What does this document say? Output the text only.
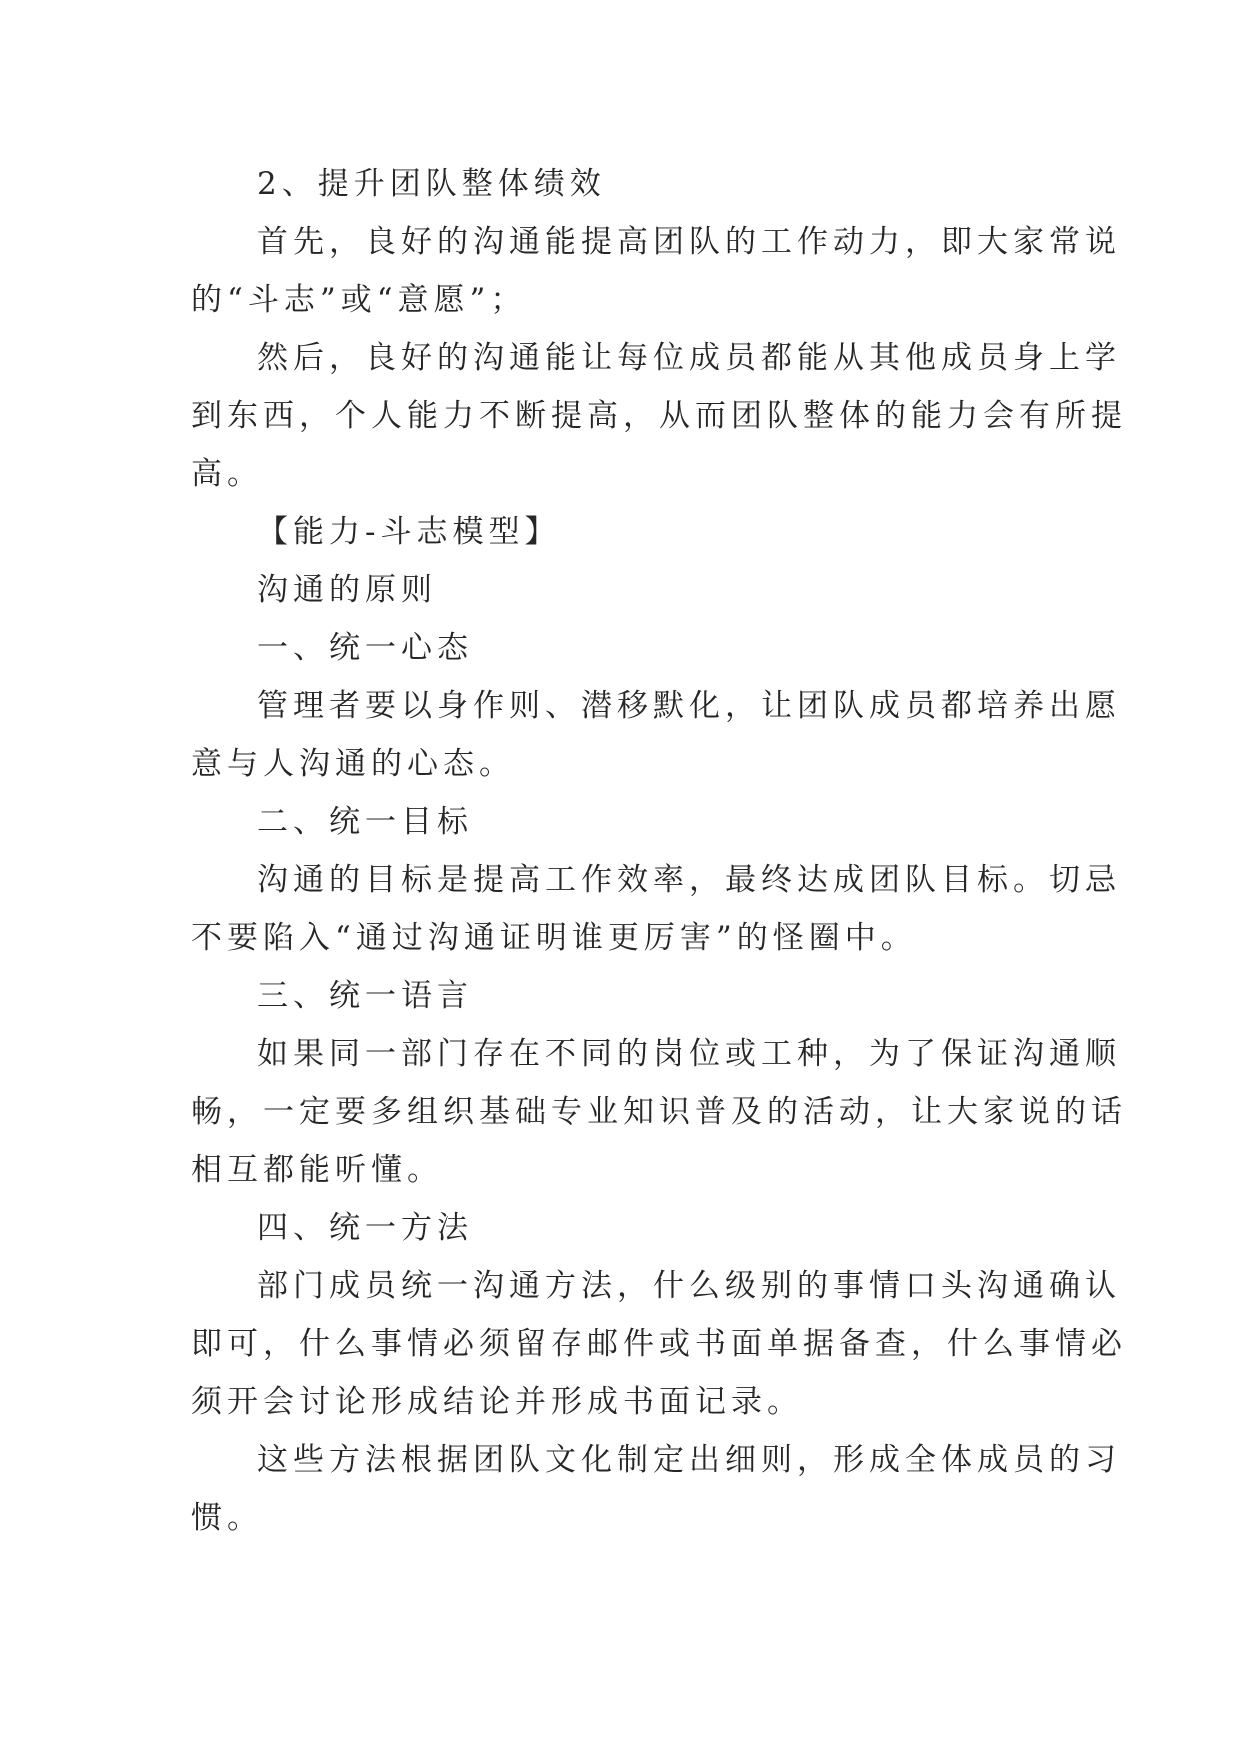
2、提升团队整体绩效

首先，良好的沟通能提高团队的工作动力，即大家常说
的“斗志”或“意愿”；

然后，良好的沟通能让每位成员都能从其他成员身上学
到东西，个人能力不断提高，从而团队整体的能力会有所提
高。

【能力-斗志模型】

沟通的原则

一、统一心态

管理者要以身作则、潜移默化，让团队成员都培养出愿
意与人沟通的心态。

二、统一目标

沟通的目标是提高工作效率，最终达成团队目标。切忌
不要陷入“通过沟通证明谁更厉害”的怪圈中。

三、统一语言

如果同一部门存在不同的岗位或工种，为了保证沟通顺
畅，一定要多组织基础专业知识普及的活动，让大家说的话
相互都能听懂。

四、统一方法

部门成员统一沟通方法，什么级别的事情口头沟通确认
即可，什么事情必须留存邮件或书面单据备查，什么事情必
须开会讨论形成结论并形成书面记录。

这些方法根据团队文化制定出细则，形成全体成员的习
惯。
